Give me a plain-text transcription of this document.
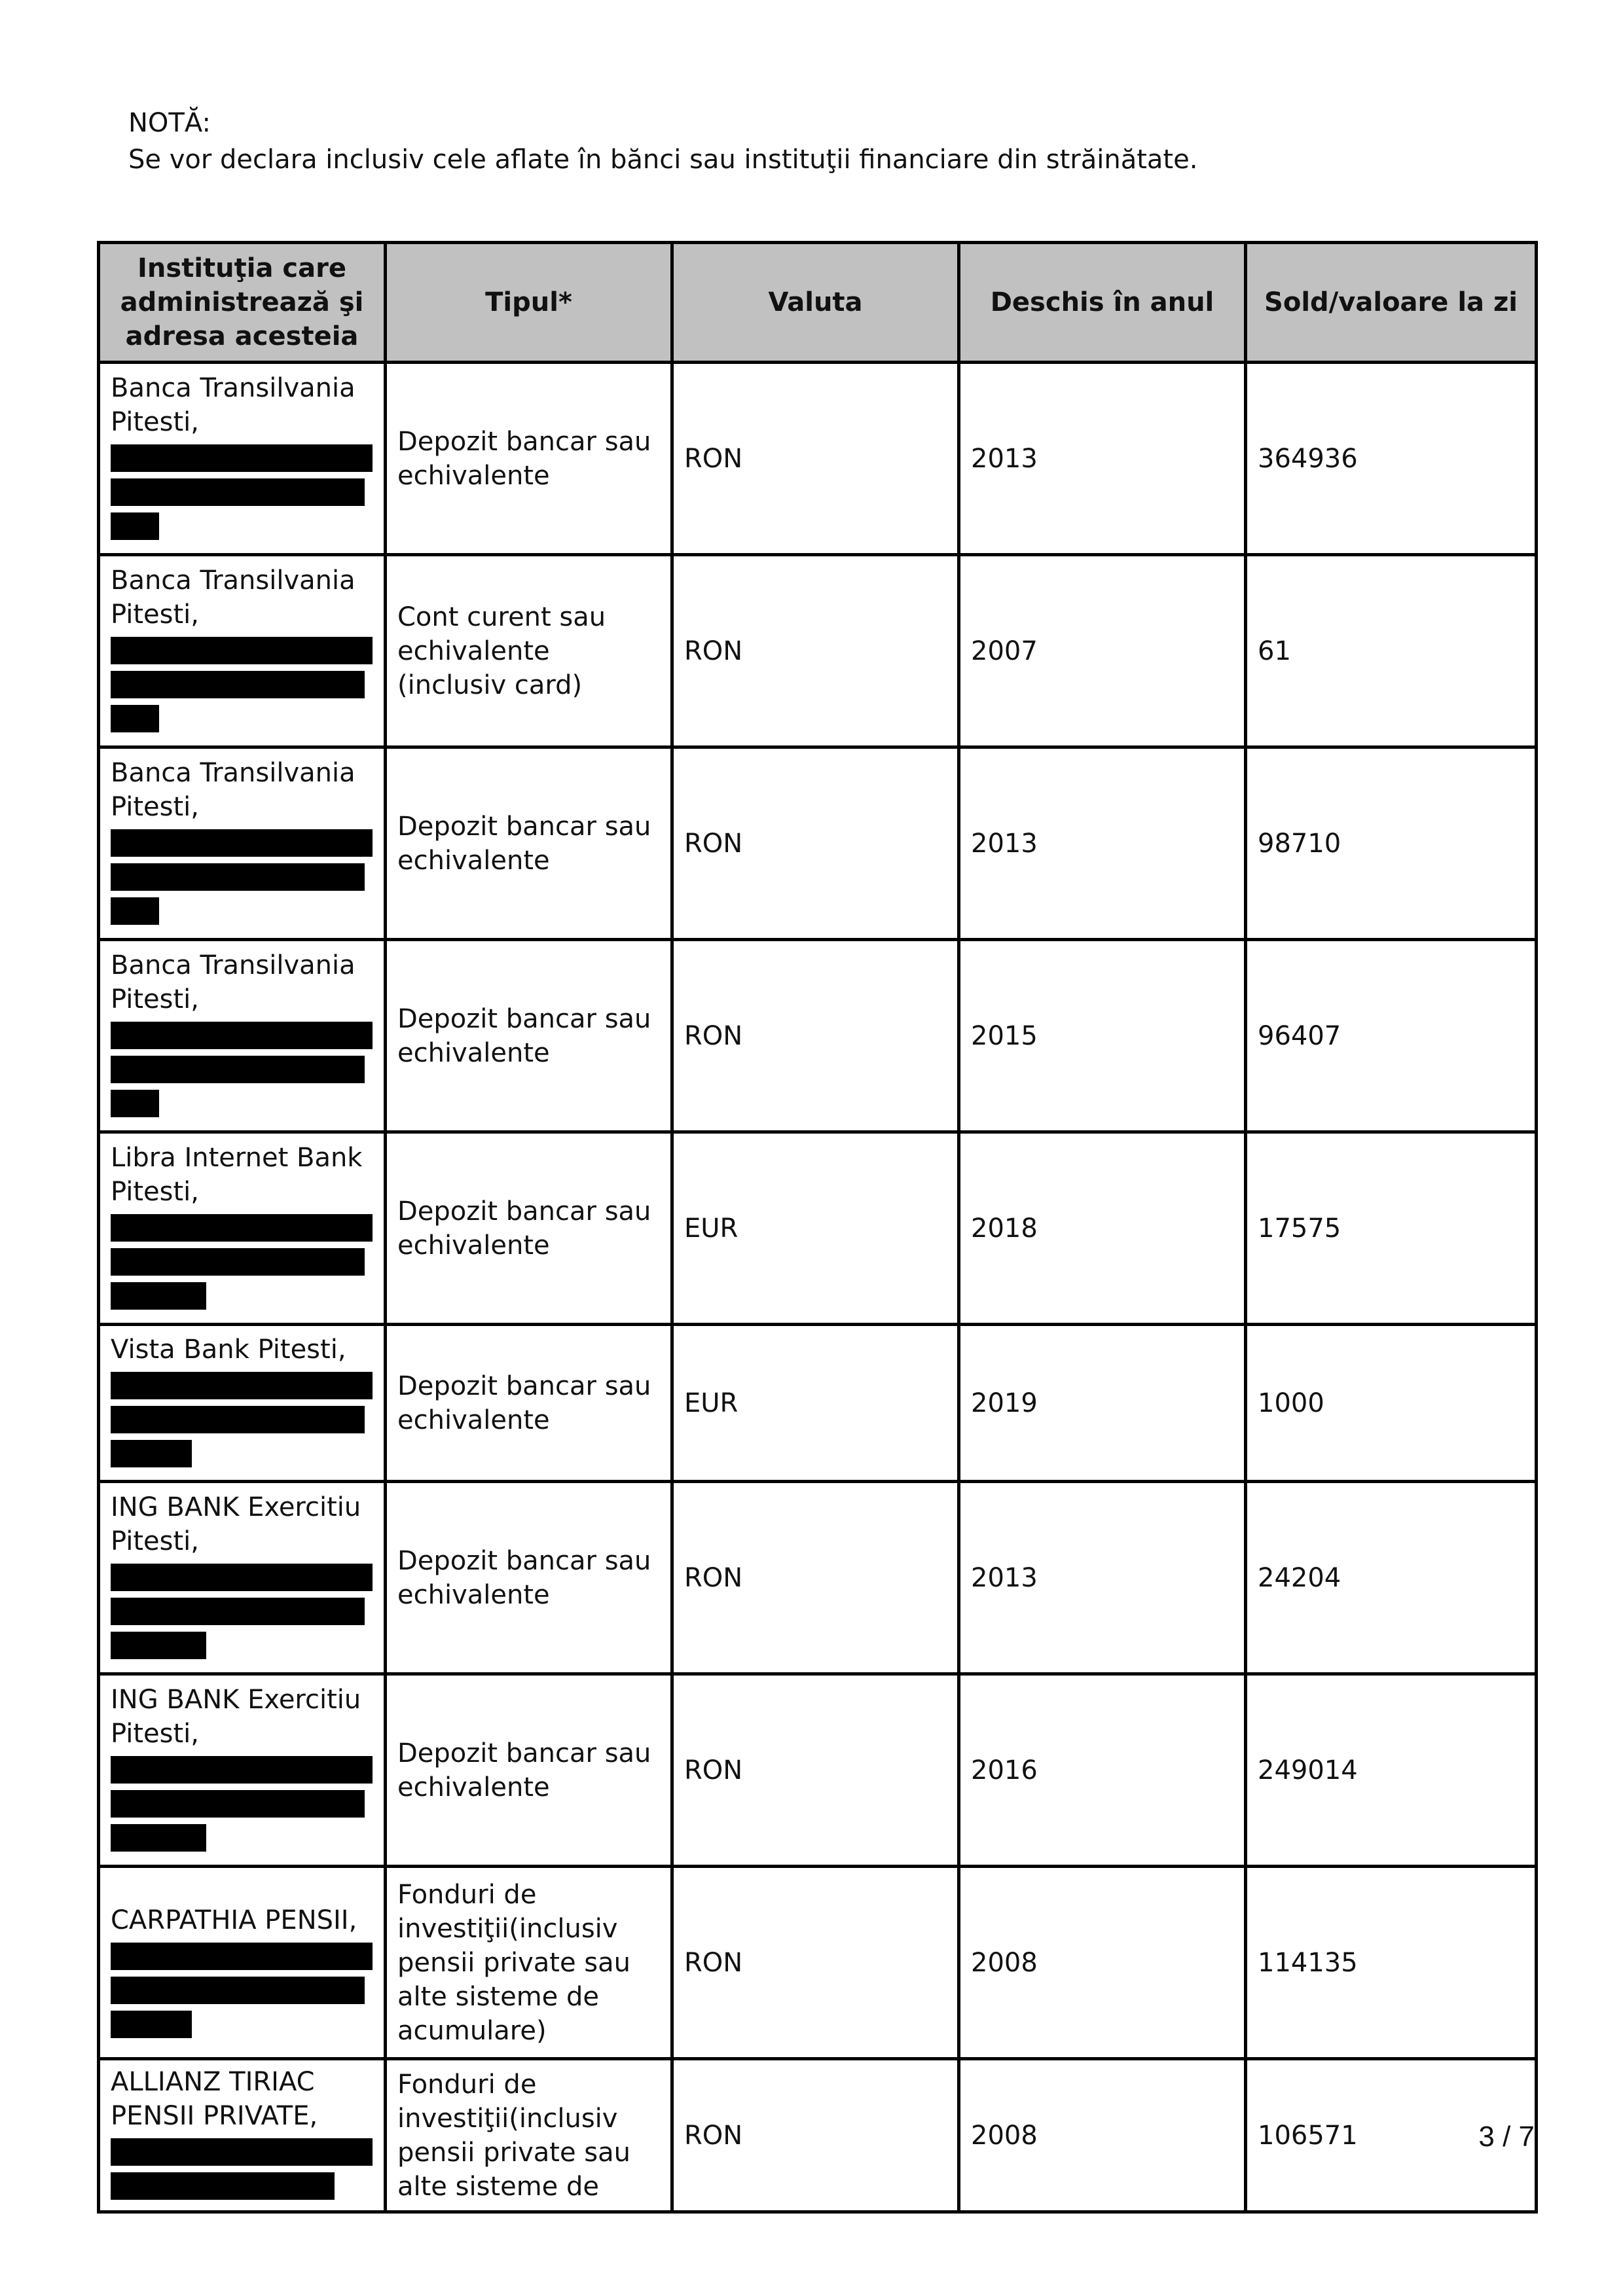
NOTĂ:
Se vor declara inclusiv cele aflate în bănci sau instituţii financiare din străinătate.
Instituţia care administrează şi adresa acesteia	Tipul*	Valuta	Deschis în anul	Sold/valoare la zi

Banca Transilvania Pitesti,	Depozit bancar sau echivalente	RON	2013	364936

Banca Transilvania Pitesti,	Cont curent sau echivalente (inclusiv card)	RON	2007	61

Banca Transilvania Pitesti,	Depozit bancar sau echivalente	RON	2013	98710

Banca Transilvania Pitesti,	Depozit bancar sau echivalente	RON	2015	96407

Libra Internet Bank Pitesti,	Depozit bancar sau echivalente	EUR	2018	17575

Vista Bank Pitesti,	Depozit bancar sau echivalente	EUR	2019	1000

ING BANK Exercitiu Pitesti,	Depozit bancar sau echivalente	RON	2013	24204

ING BANK Exercitiu Pitesti,	Depozit bancar sau echivalente	RON	2016	249014

CARPATHIA PENSII,	Fonduri de investiţii(inclusiv pensii private sau alte sisteme de acumulare)	RON	2008	114135

ALLIANZ TIRIAC PENSII PRIVATE,	Fonduri de investiţii(inclusiv pensii private sau alte sisteme de	RON	2008	106571	3 / 7
